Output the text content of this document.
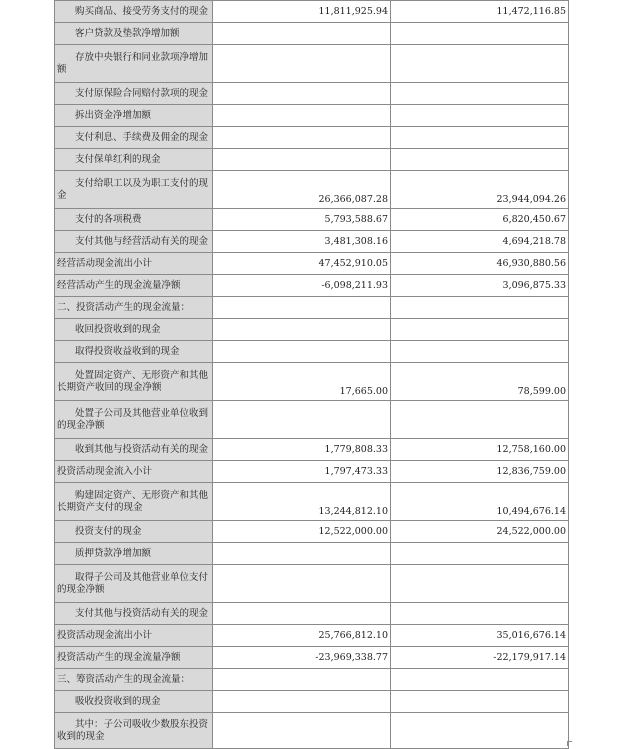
购买商品、接受劳务支付的现金	11,811,925.94	11,472,116.85
客户贷款及垫款净增加额		
存放中央银行和同业款项净增加额		
支付原保险合同赔付款项的现金		
拆出资金净增加额		
支付利息、手续费及佣金的现金		
支付保单红利的现金		
支付给职工以及为职工支付的现金	26,366,087.28	23,944,094.26
支付的各项税费	5,793,588.67	6,820,450.67
支付其他与经营活动有关的现金	3,481,308.16	4,694,218.78
经营活动现金流出小计	47,452,910.05	46,930,880.56
经营活动产生的现金流量净额	-6,098,211.93	3,096,875.33
二、投资活动产生的现金流量：		
收回投资收到的现金		
取得投资收益收到的现金		
处置固定资产、无形资产和其他长期资产收回的现金净额	17,665.00	78,599.00
处置子公司及其他营业单位收到的现金净额		
收到其他与投资活动有关的现金	1,779,808.33	12,758,160.00
投资活动现金流入小计	1,797,473.33	12,836,759.00
购建固定资产、无形资产和其他长期资产支付的现金	13,244,812.10	10,494,676.14
投资支付的现金	12,522,000.00	24,522,000.00
质押贷款净增加额		
取得子公司及其他营业单位支付的现金净额		
支付其他与投资活动有关的现金		
投资活动现金流出小计	25,766,812.10	35,016,676.14
投资活动产生的现金流量净额	-23,969,338.77	-22,179,917.14
三、筹资活动产生的现金流量：		
吸收投资收到的现金		
其中：子公司吸收少数股东投资收到的现金		
